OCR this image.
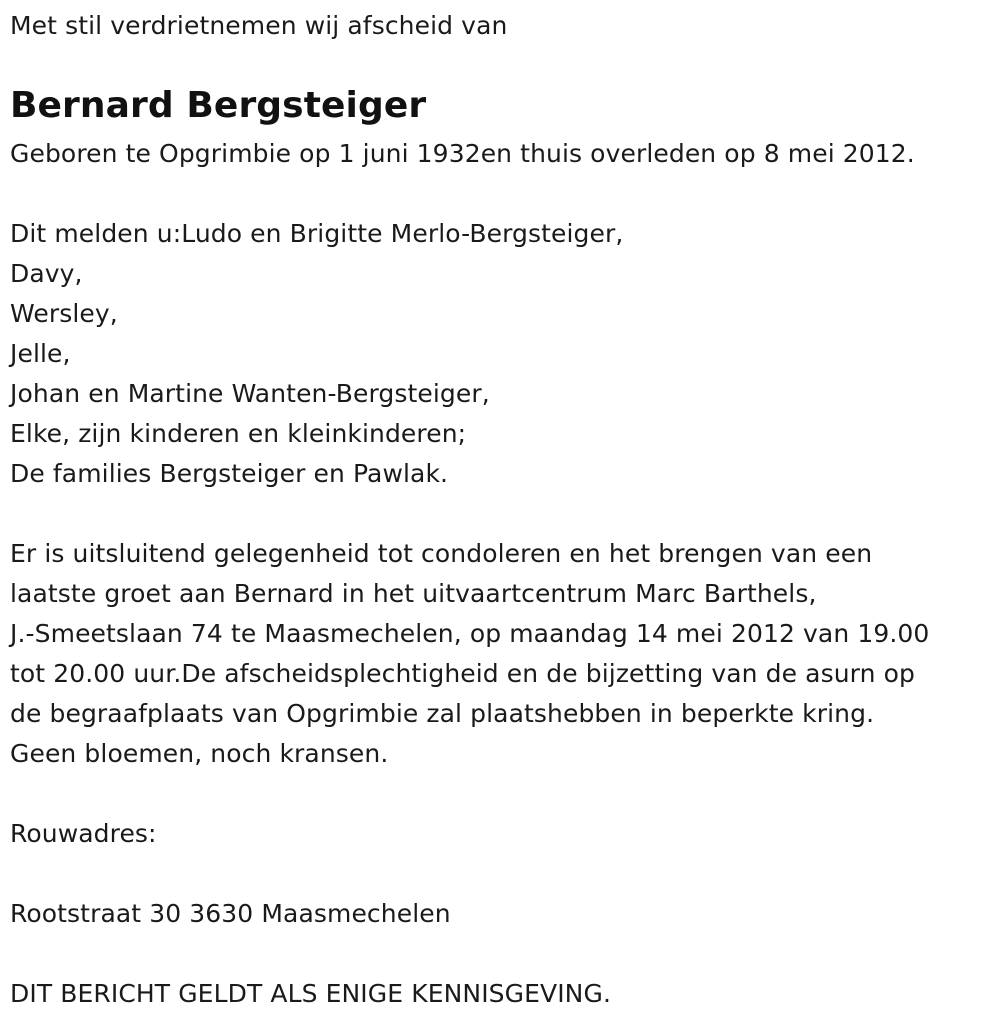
Met stil verdrietnemen wij afscheid van
Bernard Bergsteiger
Geboren te Opgrimbie op 1 juni 1932en thuis overleden op 8 mei 2012.
Dit melden u:Ludo en Brigitte Merlo-Bergsteiger,
Davy,
Wersley,
Jelle,
Johan en Martine Wanten-Bergsteiger,
Elke, zijn kinderen en kleinkinderen;
De families Bergsteiger en Pawlak.
Er is uitsluitend gelegenheid tot condoleren en het brengen van een
laatste groet aan Bernard in het uitvaartcentrum Marc Barthels,
J.-Smeetslaan 74 te Maasmechelen, op maandag 14 mei 2012 van 19.00
tot 20.00 uur.De afscheidsplechtigheid en de bijzetting van de asurn op
de begraafplaats van Opgrimbie zal plaatshebben in beperkte kring.
Geen bloemen, noch kransen.
Rouwadres:
Rootstraat 30 3630 Maasmechelen
DIT BERICHT GELDT ALS ENIGE KENNISGEVING.
